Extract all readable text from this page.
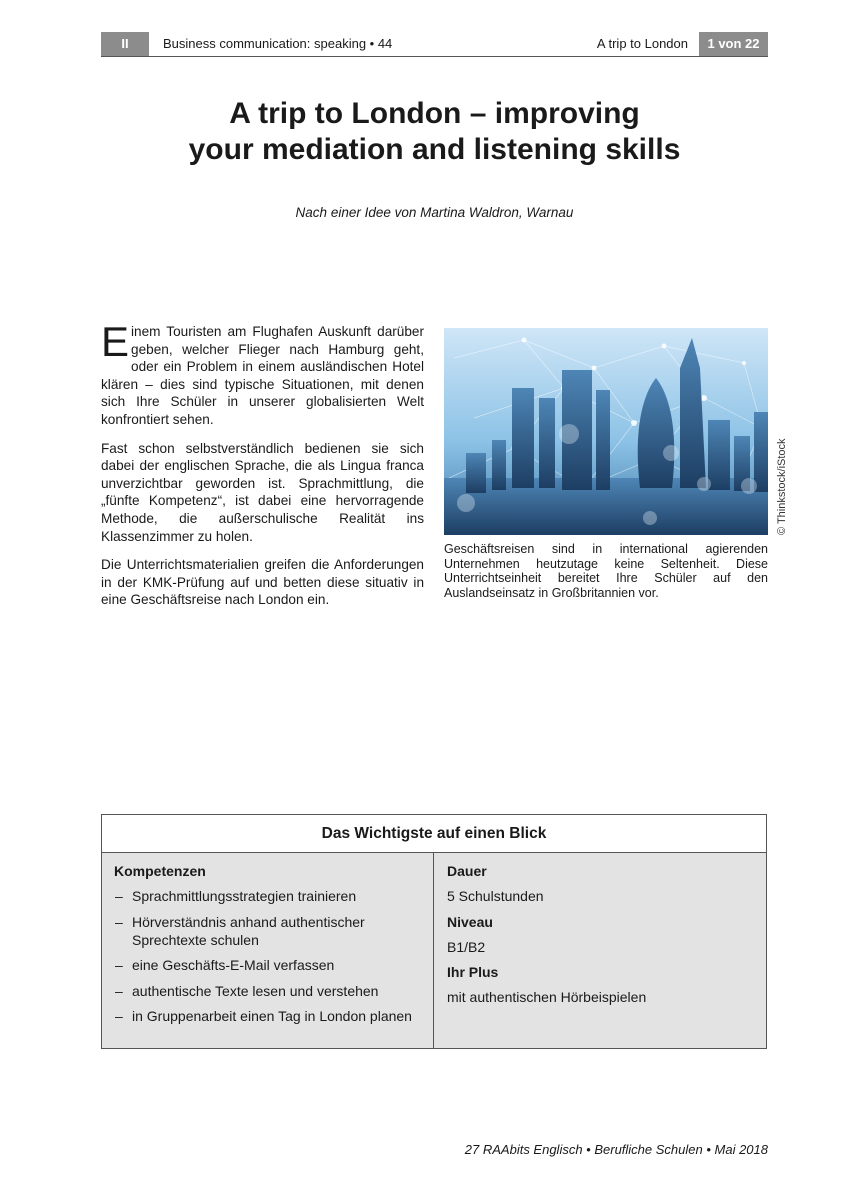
II	Business communication: speaking • 44	A trip to London	1 von 22
A trip to London – improving
your mediation and listening skills
Nach einer Idee von Martina Waldron, Warnau

Einem Touristen am Flughafen Auskunft darüber geben, welcher Flieger nach Hamburg geht, oder ein Problem in einem ausländischen Hotel klären – dies sind typische Situationen, mit denen sich Ihre Schüler in unserer globalisierten Welt konfrontiert sehen.

Fast schon selbstverständlich bedienen sie sich dabei der englischen Sprache, die als Lingua franca unverzichtbar geworden ist. Sprachmittlung, die „fünfte Kompetenz“, ist dabei eine hervorragende Methode, die außerschulische Realität ins Klassenzimmer zu holen.

Die Unterrichtsmaterialien greifen die Anforderungen in der KMK-Prüfung auf und betten diese situativ in eine Geschäftsreise nach London ein.

© Thinkstock/iStock

Geschäftsreisen sind in international agierenden Unternehmen heutzutage keine Seltenheit. Diese Unterrichtseinheit bereitet Ihre Schüler auf den Auslandseinsatz in Großbritannien vor.

Das Wichtigste auf einen Blick
Kompetenzen
– Sprachmittlungsstrategien trainieren
– Hörverständnis anhand authentischer Sprechtexte schulen
– eine Geschäfts-E-Mail verfassen
– authentische Texte lesen und verstehen
– in Gruppenarbeit einen Tag in London planen
Dauer
5 Schulstunden
Niveau
B1/B2
Ihr Plus
mit authentischen Hörbeispielen
27 RAAbits Englisch • Berufliche Schulen • Mai 2018
